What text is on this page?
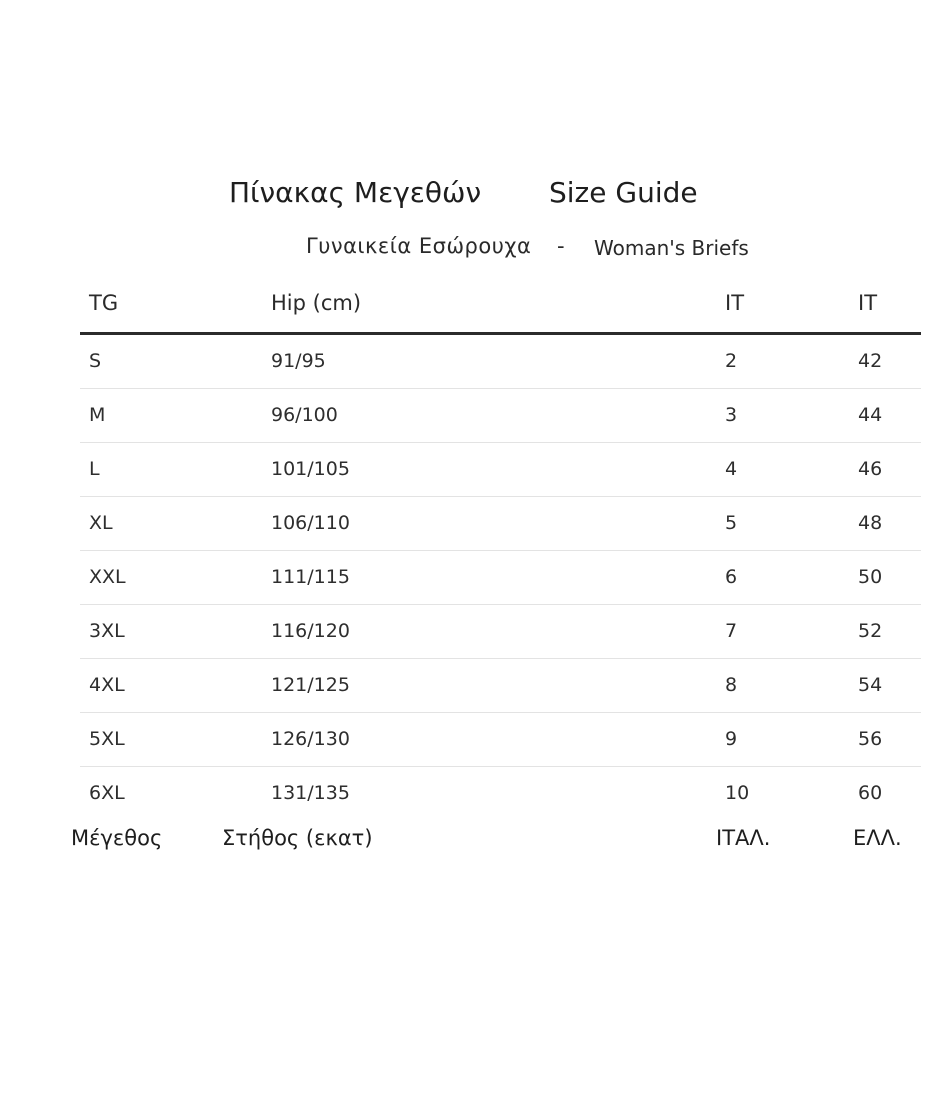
Πίνακας Μεγεθών Size Guide
Γυναικεία Εσώρουχα - Woman's Briefs
TG	Hip (cm)	IT	IT
S	91/95	2	42
M	96/100	3	44
L	101/105	4	46
XL	106/110	5	48
XXL	111/115	6	50
3XL	116/120	7	52
4XL	121/125	8	54
5XL	126/130	9	56
6XL	131/135	10	60
Μέγεθος	Στήθος (εκατ)	ΙΤΑΛ.	ΕΛΛ.
